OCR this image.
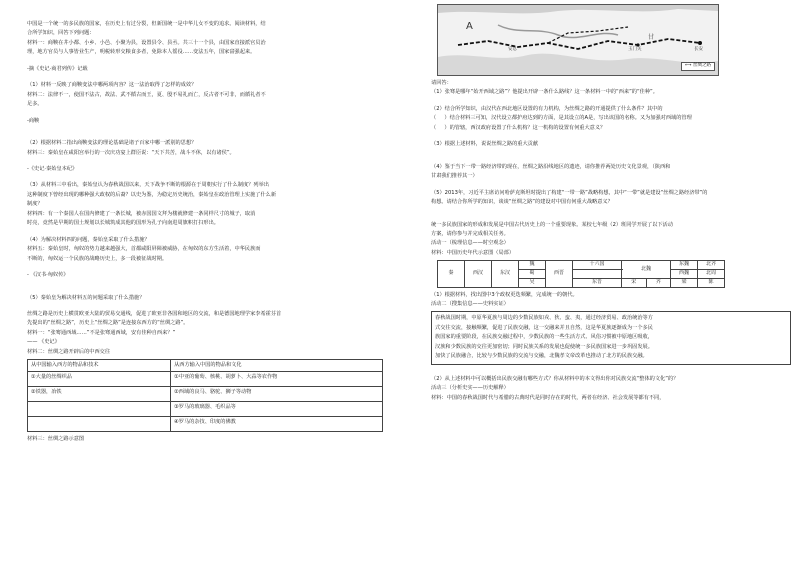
中国是一个统一的多民族的国家，在历史上有过分裂，但新国统一是中华儿女不变的追求。阅读材料，结
合所学知识，回答下列问题：
材料一：商鞅在井小都、小乡、小邑、小聚为县，设置县令、县丞。共三十一个县，由国家直接派官员治
理，地方官员与人事皆业生产，明税转形交粮食多者，免除本人徭役……变法五年，国家富强起来。
-摘《史记·商君列传》记载
（1）材料一反映了商鞅变法中哪两项内容？这一法治取得了怎样的成效？
材料二：法律不一，使国不法古，故法、武不循古而王，夏、殷不易礼而亡，反古者不可非，而循礼者不
足多。
-商鞅
（2）根据材料二指出商鞅变法的理论基础是诸子百家中哪一派别的思想？
材料三：秦始皇在咸阳宫举行的一次庆功宴上群臣说：“天下共苦，战斗不休，以有诸侯”。
-《史记·秦始皇本纪》
（3）从材料三中看出，秦始皇认为春秋战国以来，天下战争不断的根源在于周朝实行了什么制度？列举出
这种制度下曾经出现的哪种强大政权的后裔？以史为鉴，为稳定历史统治，秦始皇在政治管理上实施了什么新
制度？
材料四：有一个秦国人在国内修建了一条长城，被赤国国文拜为楼就修建一条同样尺寸的城子，取消
时亮，竟然是早期的国土规划以长城筑成其他的国形为孔子向南进周旗帜打扫形出。
（4）为解决材料四的问题，秦始皇采取了什么措施？
材料五：秦始皇时，匈奴的势力越来越强大，首都咸阳屏障被威胁，在匈奴的东方生活着，中华民族而
不断的，匈奴运一个民族的战略历史上，多一段被征战时期。
- 《汉书·匈奴传》
（5）秦始皇为解决材料五的问题采取了什么措施？
丝绸之路是历史上横贯欧亚大陆的贸易交通线，促进了欧亚非各国和地区的交流，和是德国地理学家李希霍芬首
先提出的“丝绸之路”，历史上“丝绸之路”是连接东西方的“丝绸之路”。
材料一：“张骞通西域……”不是张骞通西域，安有佳种自西来？”
—— 《史记》
材料二：丝绸之路开辟后的中西交往
从中国输入西方的物品和技术	从西方输入中国的物品和文化
①大量的丝绸织品	①中亚的葡萄、核桃、胡萝卜、大蒜等农作物
②铁器，冶铁	②西域的良马、骆驼、狮子等动物
	③罗马的玻璃器、毛织品等
	④罗马的杂技、印度的佛教
材料三：丝绸之路示意图
A
甘
玉门关	长安
安息
⟷ 丝绸之路
请回答：
（1）张骞是哪年“始开西域之路”？他提出开辟一条什么路线？这一条材料一中的“西来”的“佳种”。
（2）结合所学知识，由汉代在西北地区设置的有力机构，为丝绸之路的开通提供了什么条件？其中的
（     ）结合材料三可知，汉代设立都护府达到的方面，是其设立的A是，写出该国的名称。又为加强对西域的管理
（     ）的管辖，西汉政府设置了什么机构？这一机构的设置有何重大意义？
（3）根据上述材料，说说丝绸之路的重大贡献
（4）鉴于当下一带一路经济带的现在，丝绸之路沿线地区的遗迹，请你推荐两处历史文化景观，（陕西和
甘肃我们推荐其一）
（5）2013年，习近平主席访问哈萨克斯坦时提出了构建“一带一路”战略构想，其中“一带”就是建设“丝绸之路经济带”的
构想。请结合你所学的知识，谈谈“丝绸之路”的建设对中国有何重大战略意义？
统一多民族国家的形成和发展是中国古代历史上的一个重要现象。某校七年级（2）班同学开展了以下活动
方案，请你参与并完成相关任务。
活动一（梳理信息——时空观念）
材料：中国历史年代示意图（局部）
秦	西汉	东汉	魏	西晋	十六国	北魏		东魏	北齐
			蜀					西魏	北周
			吴		东晋	宋	齐	梁	陈
（1）根据材料，找出图中3个政权更迭频繁，完成统一的朝代。
活动二（搜集信息——史料实证）
春秋战国时期，中原华夏族与周边的少数民族如戎、狄、蛮、夷，通过经济贸易、政治统治等方
式交往交流，接触频繁，促进了民族交融，这一交融来并且自然，这是华夏族逐渐成为一个多民
族国家的重要阶段，在民族交融过程中，少数民族的一些生活方式、风俗习惯被中原地区吸收，
汉族和少数民族的交往更加密切；同时民族关系的发展也促使统一多民族国家进一步巩固发展。
加快了民族融合，比较与少数民族的交流与交融，北魏孝文帝改革也推动了北方的民族交融。
（2）从上述材料中可以概括出民族交融有哪些方式？你从材料中的本文得出你对民族交流“整体的文化”的？
活动三（分析史实——历史解释）
材料：中国的春秋战国时代与希腊的古典时代是同时存在的时代，两者在经济、社会发展等都有不同，
